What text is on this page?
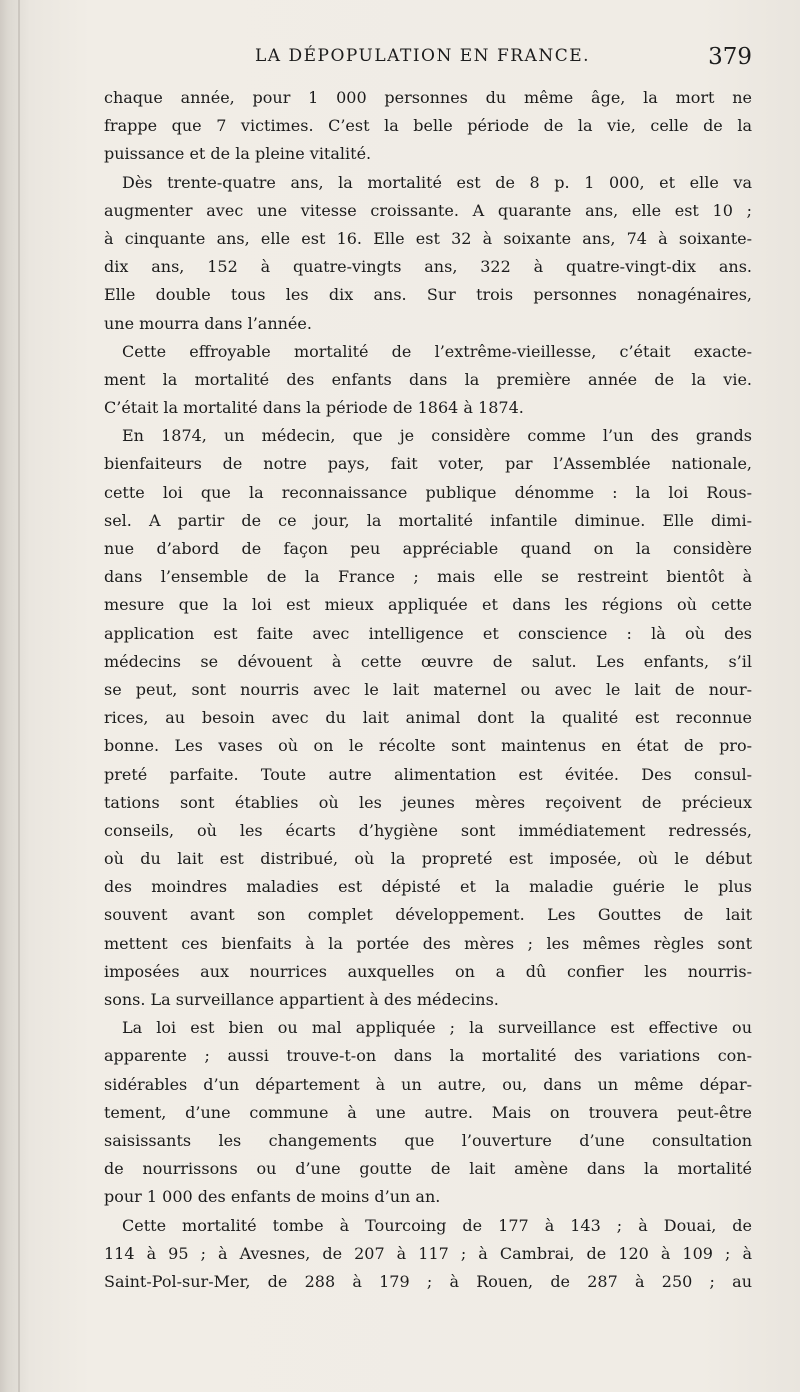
LA DÉPOPULATION EN FRANCE.	379
chaque année, pour 1 000 personnes du même âge, la mort ne
frappe que 7 victimes. C’est la belle période de la vie, celle de la
puissance et de la pleine vitalité.
Dès trente-quatre ans, la mortalité est de 8 p. 1 000, et elle va
augmenter avec une vitesse croissante. A quarante ans, elle est 10 ;
à cinquante ans, elle est 16. Elle est 32 à soixante ans, 74 à soixante-
dix ans, 152 à quatre-vingts ans, 322 à quatre-vingt-dix ans.
Elle double tous les dix ans. Sur trois personnes nonagénaires,
une mourra dans l’année.
Cette effroyable mortalité de l’extrême-vieillesse, c’était exacte-
ment la mortalité des enfants dans la première année de la vie.
C’était la mortalité dans la période de 1864 à 1874.
En 1874, un médecin, que je considère comme l’un des grands
bienfaiteurs de notre pays, fait voter, par l’Assemblée nationale,
cette loi que la reconnaissance publique dénomme : la loi Rous-
sel. A partir de ce jour, la mortalité infantile diminue. Elle dimi-
nue d’abord de façon peu appréciable quand on la considère
dans l’ensemble de la France ; mais elle se restreint bientôt à
mesure que la loi est mieux appliquée et dans les régions où cette
application est faite avec intelligence et conscience : là où des
médecins se dévouent à cette œuvre de salut. Les enfants, s’il
se peut, sont nourris avec le lait maternel ou avec le lait de nour-
rices, au besoin avec du lait animal dont la qualité est reconnue
bonne. Les vases où on le récolte sont maintenus en état de pro-
preté parfaite. Toute autre alimentation est évitée. Des consul-
tations sont établies où les jeunes mères reçoivent de précieux
conseils, où les écarts d’hygiène sont immédiatement redressés,
où du lait est distribué, où la propreté est imposée, où le début
des moindres maladies est dépisté et la maladie guérie le plus
souvent avant son complet développement. Les Gouttes de lait
mettent ces bienfaits à la portée des mères ; les mêmes règles sont
imposées aux nourrices auxquelles on a dû confier les nourris-
sons. La surveillance appartient à des médecins.
La loi est bien ou mal appliquée ; la surveillance est effective ou
apparente ; aussi trouve-t-on dans la mortalité des variations con-
sidérables d’un département à un autre, ou, dans un même dépar-
tement, d’une commune à une autre. Mais on trouvera peut-être
saisissants les changements que l’ouverture d’une consultation
de nourrissons ou d’une goutte de lait amène dans la mortalité
pour 1 000 des enfants de moins d’un an.
Cette mortalité tombe à Tourcoing de 177 à 143 ; à Douai, de
114 à 95 ; à Avesnes, de 207 à 117 ; à Cambrai, de 120 à 109 ; à
Saint-Pol-sur-Mer, de 288 à 179 ; à Rouen, de 287 à 250 ; au
